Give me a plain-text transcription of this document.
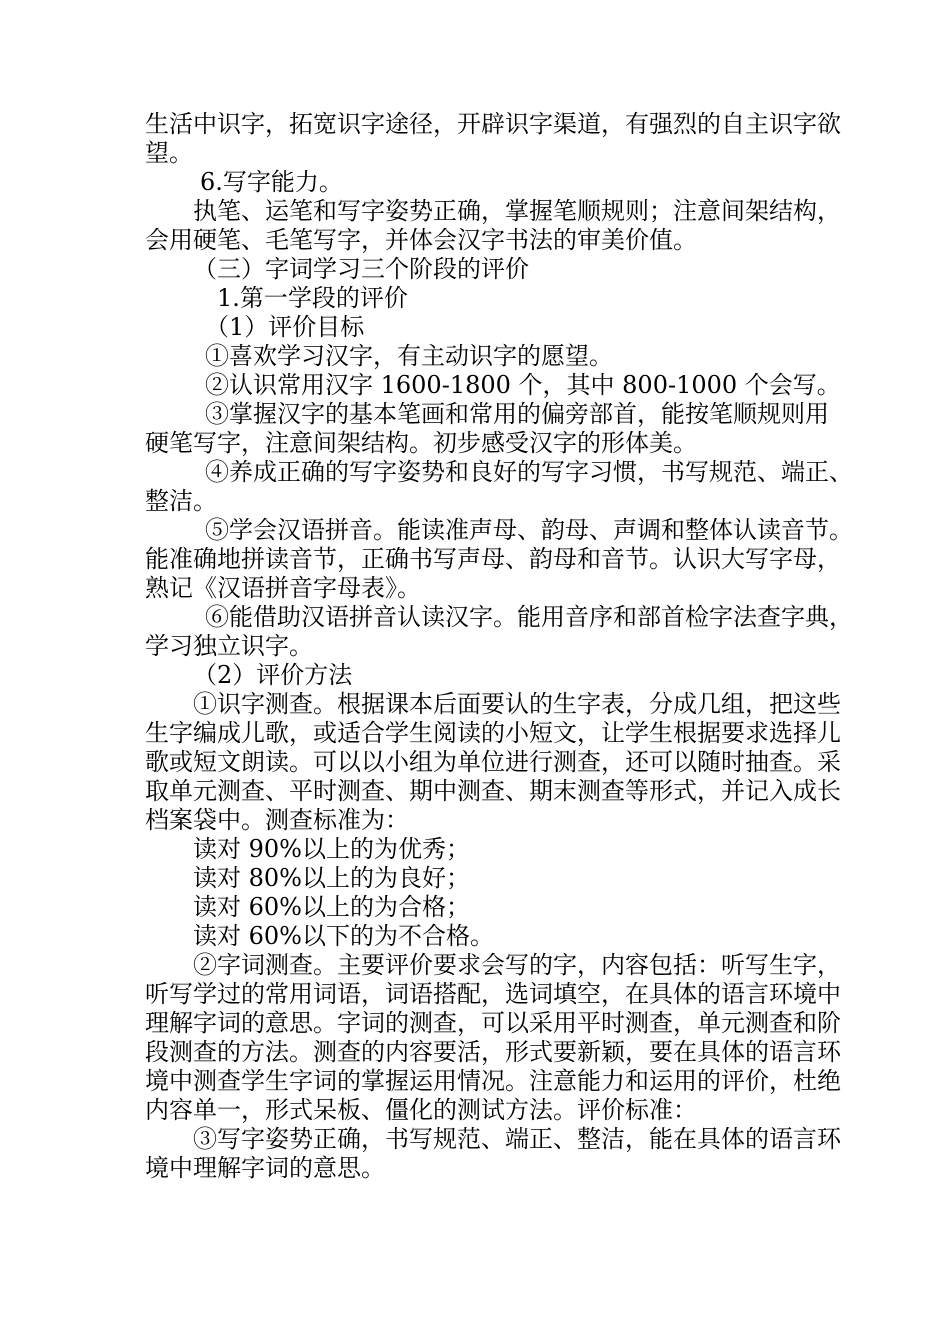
生活中识字，拓宽识字途径，开辟识字渠道，有强烈的自主识字欲
望。
6.写字能力。
执笔、运笔和写字姿势正确，掌握笔顺规则；注意间架结构，
会用硬笔、毛笔写字，并体会汉字书法的审美价值。
（三）字词学习三个阶段的评价
1.第一学段的评价
（1）评价目标
①喜欢学习汉字，有主动识字的愿望。
②认识常用汉字 1600-1800 个，其中 800-1000 个会写。
③掌握汉字的基本笔画和常用的偏旁部首，能按笔顺规则用
硬笔写字，注意间架结构。初步感受汉字的形体美。
④养成正确的写字姿势和良好的写字习惯，书写规范、端正、
整洁。
⑤学会汉语拼音。能读准声母、韵母、声调和整体认读音节。
能准确地拼读音节，正确书写声母、韵母和音节。认识大写字母，
熟记《汉语拼音字母表》。
⑥能借助汉语拼音认读汉字。能用音序和部首检字法查字典，
学习独立识字。
（2）评价方法
①识字测查。根据课本后面要认的生字表，分成几组，把这些
生字编成儿歌，或适合学生阅读的小短文，让学生根据要求选择儿
歌或短文朗读。可以以小组为单位进行测查，还可以随时抽查。采
取单元测查、平时测查、期中测查、期末测查等形式，并记入成长
档案袋中。测查标准为：
读对 90%以上的为优秀；
读对 80%以上的为良好；
读对 60%以上的为合格；
读对 60%以下的为不合格。
②字词测查。主要评价要求会写的字，内容包括：听写生字，
听写学过的常用词语，词语搭配，选词填空，在具体的语言环境中
理解字词的意思。字词的测查，可以采用平时测查，单元测查和阶
段测查的方法。测查的内容要活，形式要新颖，要在具体的语言环
境中测查学生字词的掌握运用情况。注意能力和运用的评价，杜绝
内容单一，形式呆板、僵化的测试方法。评价标准：
③写字姿势正确，书写规范、端正、整洁，能在具体的语言环
境中理解字词的意思。
